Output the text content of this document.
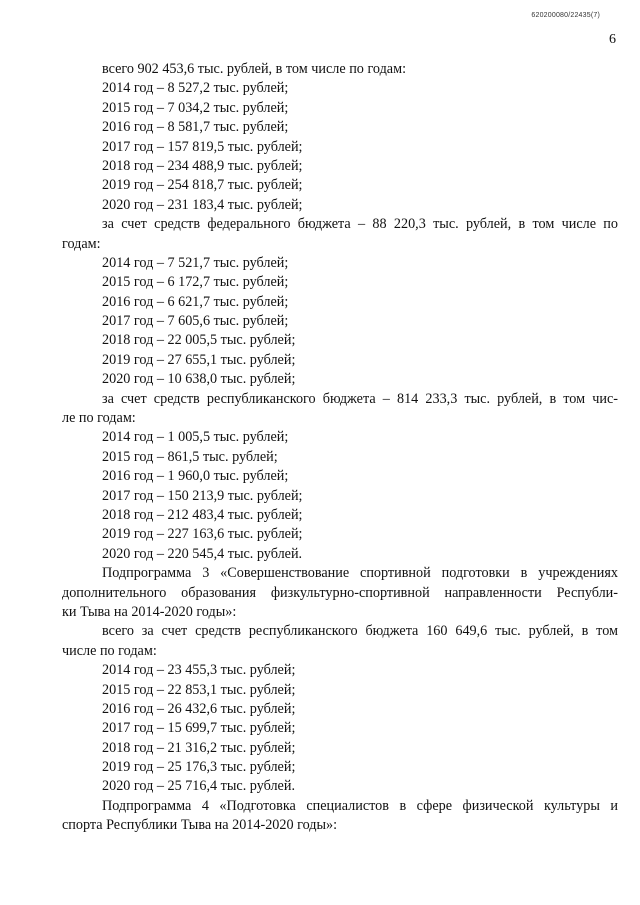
620200080/22435(7)
6
всего 902 453,6 тыс. рублей, в том числе по годам:
2014 год – 8 527,2 тыс. рублей;
2015 год – 7 034,2 тыс. рублей;
2016 год – 8 581,7 тыс. рублей;
2017 год – 157 819,5 тыс. рублей;
2018 год – 234 488,9 тыс. рублей;
2019 год – 254 818,7 тыс. рублей;
2020 год – 231 183,4 тыс. рублей;
за счет средств федерального бюджета – 88 220,3 тыс. рублей, в том числе по
годам:
2014 год – 7 521,7 тыс. рублей;
2015 год – 6 172,7 тыс. рублей;
2016 год – 6 621,7 тыс. рублей;
2017 год – 7 605,6 тыс. рублей;
2018 год – 22 005,5 тыс. рублей;
2019 год – 27 655,1 тыс. рублей;
2020 год – 10 638,0 тыс. рублей;
за счет средств республиканского бюджета – 814 233,3 тыс. рублей, в том чис-
ле по годам:
2014 год – 1 005,5 тыс. рублей;
2015 год – 861,5 тыс. рублей;
2016 год – 1 960,0 тыс. рублей;
2017 год – 150 213,9 тыс. рублей;
2018 год – 212 483,4 тыс. рублей;
2019 год – 227 163,6 тыс. рублей;
2020 год – 220 545,4 тыс. рублей.
Подпрограмма 3 «Совершенствование спортивной подготовки в учреждениях
дополнительного образования физкультурно-спортивной направленности Республи-
ки Тыва на 2014-2020 годы»:
всего за счет средств республиканского бюджета 160 649,6 тыс. рублей, в том
числе по годам:
2014 год – 23 455,3 тыс. рублей;
2015 год – 22 853,1 тыс. рублей;
2016 год – 26 432,6 тыс. рублей;
2017 год – 15 699,7 тыс. рублей;
2018 год – 21 316,2 тыс. рублей;
2019 год – 25 176,3 тыс. рублей;
2020 год – 25 716,4 тыс. рублей.
Подпрограмма 4 «Подготовка специалистов в сфере физической культуры и
спорта Республики Тыва на 2014-2020 годы»:
